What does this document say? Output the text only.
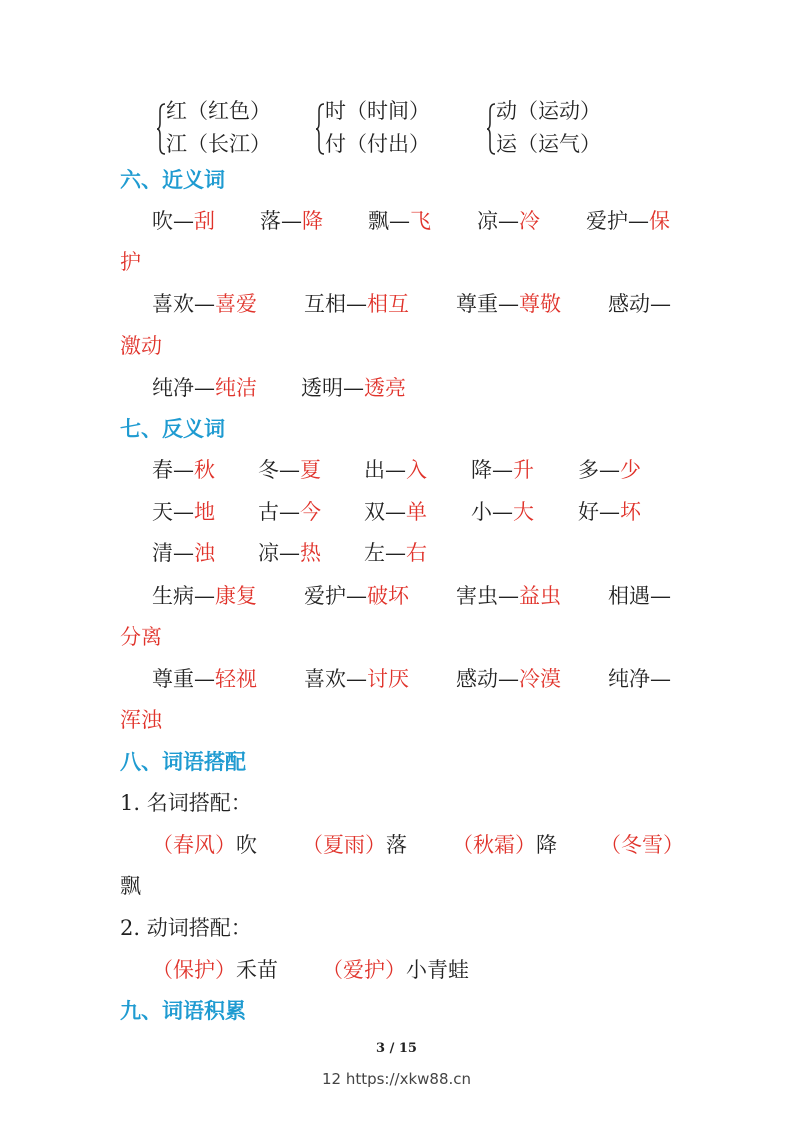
红（红色）
江（长江）
时（时间）
付（付出）
动（运动）
运（运气）
六、近义词
吹—刮 落—降 飘—飞 凉—冷 爱护—保
护
喜欢—喜爱 互相—相互 尊重—尊敬 感动—
激动
纯净—纯洁 透明—透亮
七、反义词
春—秋 冬—夏 出—入 降—升 多—少
天—地 古—今 双—单 小—大 好—坏
清—浊 凉—热 左—右
生病—康复 爱护—破坏 害虫—益虫 相遇—
分离
尊重—轻视 喜欢—讨厌 感动—冷漠 纯净—
浑浊
八、词语搭配
1. 名词搭配：
（春风）吹 （夏雨）落 （秋霜）降 （冬雪）
飘
2. 动词搭配：
（保护）禾苗 （爱护）小青蛙
九、词语积累
3 / 15
12 https://xkw88.cn
